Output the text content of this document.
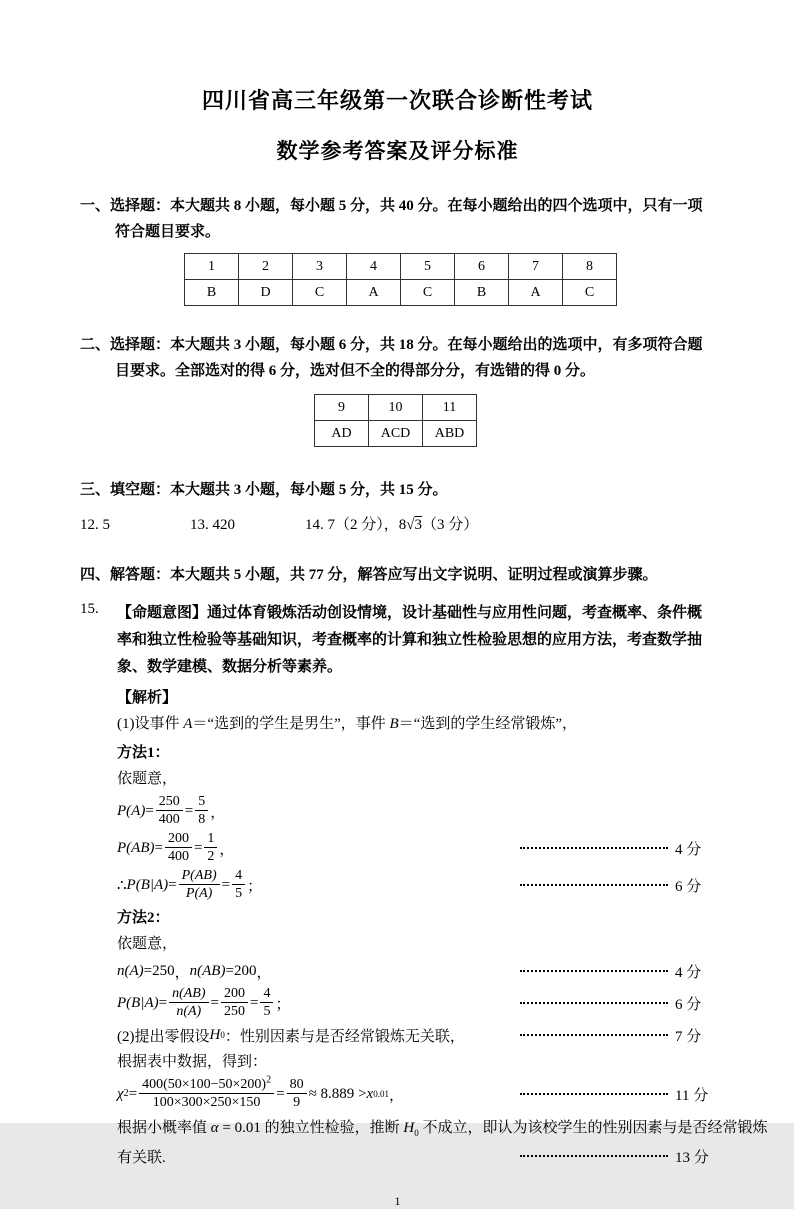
四川省高三年级第一次联合诊断性考试
数学参考答案及评分标准

一、选择题：本大题共 8 小题，每小题 5 分，共 40 分。在每小题给出的四个选项中，只有一项符合题目要求。

1	2	3	4	5	6	7	8
B	D	C	A	C	B	A	C

二、选择题：本大题共 3 小题，每小题 6 分，共 18 分。在每小题给出的选项中，有多项符合题目要求。全部选对的得 6 分，选对但不全的得部分分，有选错的得 0 分。

9	10	11
AD	ACD	ABD

三、填空题：本大题共 3 小题，每小题 5 分，共 15 分。

12. 5	13. 420	14. 7（2 分），8√3（3 分）

四、解答题：本大题共 5 小题，共 77 分，解答应写出文字说明、证明过程或演算步骤。

15. 【命题意图】通过体育锻炼活动创设情境，设计基础性与应用性问题，考查概率、条件概率和独立性检验等基础知识，考查概率的计算和独立性检验思想的应用方法，考查数学抽象、数学建模、数据分析等素养。

【解析】
(1)设事件 A＝“选到的学生是男生”，事件 B＝“选到的学生经常锻炼”，
方法1：
依题意，
$P(A) = \frac{250}{400} = \frac{5}{8}$ ，
$P(AB) = \frac{200}{400} = \frac{1}{2}$ ，	4 分
∴ $P(B|A) = \frac{P(AB)}{P(A)} = \frac{4}{5}$ ；	6 分
方法2：
依题意，
n(A) = 250 ， n(AB) = 200 ，	4 分
$P(B|A) = \frac{n(AB)}{n(A)} = \frac{200}{250} = \frac{4}{5}$ ；	6 分
(2)提出零假设 H 0 ：性别因素与是否经常锻炼无关联，	7 分
根据表中数据，得到：
χ $2 = \frac{400(50\times 100-50\times 200)^2}{100\times 300\times 250\times 150} = \frac{80}{9} \approx 8.889 > x$ 0.01 ，	11 分
根据小概率值 α = 0.01 的独立性检验，推断 $H_0$ 不成立，即认为该校学生的性别因素与是否经常锻炼
有关联.	13 分
1
